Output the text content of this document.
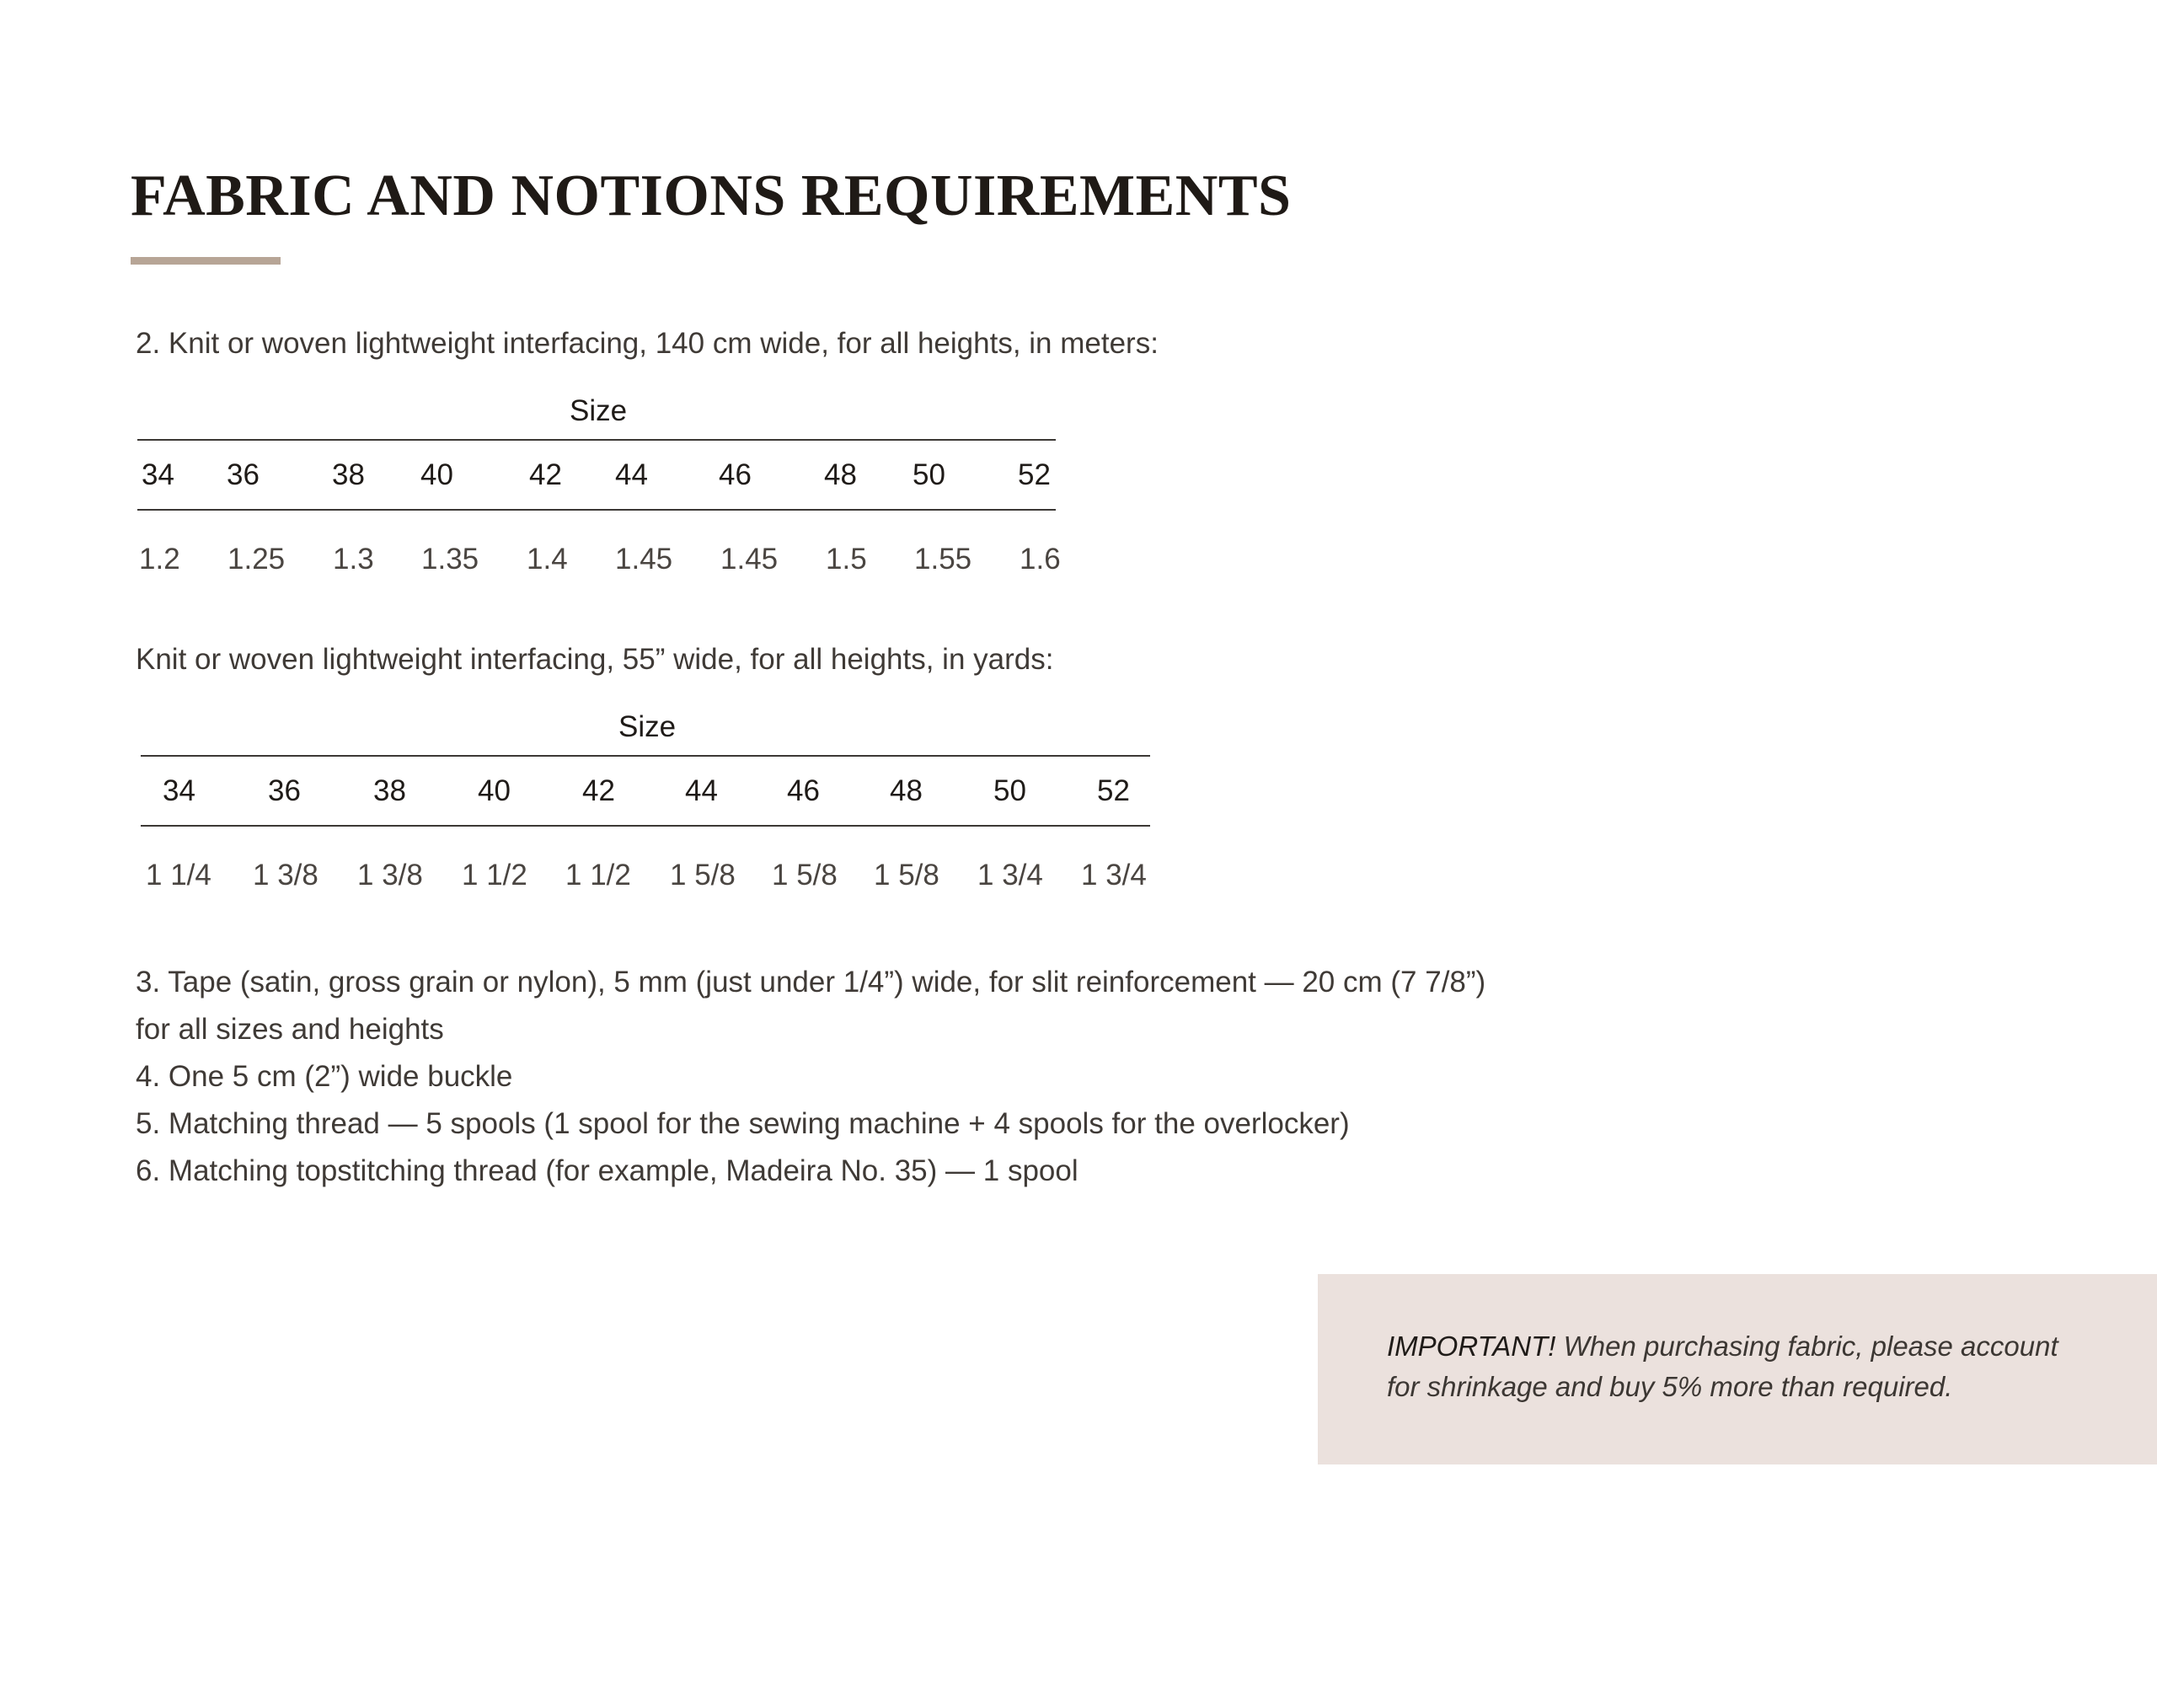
FABRIC AND NOTIONS REQUIREMENTS

2. Knit or woven lightweight interfacing, 140 cm wide, for all heights, in meters:

Size
34 36 38 40	42 44 46 48 50 52
1.2 1.25 1.3 1.35 1.4 1.45 1.45 1.5 1.55 1.6

Knit or woven lightweight interfacing, 55” wide, for all heights, in yards:

Size
34 36 38 40 42 44 46 48 50 52
1 1/4 1 3/8 1 3/8 1 1/2 1 1/2 1 5/8 1 5/8 1 5/8 1 3/4 1 3/4

3. Tape (satin, gross grain or nylon), 5 mm (just under 1/4”) wide, for slit reinforcement — 20 cm (7 7/8”)

for all sizes and heights

4. One 5 cm (2”) wide buckle

5. Matching thread — 5 spools (1 spool for the sewing machine + 4 spools for the overlocker)

6. Matching topstitching thread (for example, Madeira No. 35) — 1 spool

IMPORTANT! When purchasing fabric, please account for shrinkage and buy 5% more than required.
